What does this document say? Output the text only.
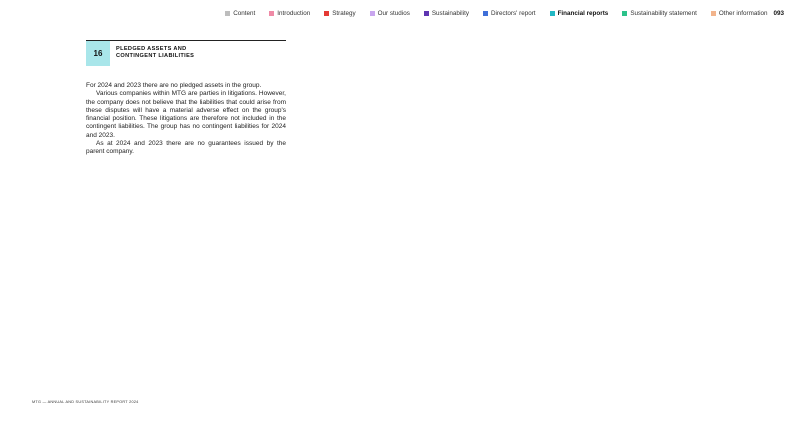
Content	Introduction	Strategy	Our studios	Sustainability	Directors' report	Financial reports	Sustainability statement	Other information 093
16	PLEDGED ASSETS AND
CONTINGENT LIABILITIES

For 2024 and 2023 there are no pledged assets in the group.

Various companies within MTG are parties in litigations. However, the company does not believe that the liabilities that could arise from these disputes will have a material adverse effect on the group's financial position. These litigations are therefore not included in the contingent liabilities. The group has no contingent liabilities for 2024 and 2023.

As at 2024 and 2023 there are no guarantees issued by the parent company.

MTG — ANNUAL AND SUSTAINABILITY REPORT 2024
